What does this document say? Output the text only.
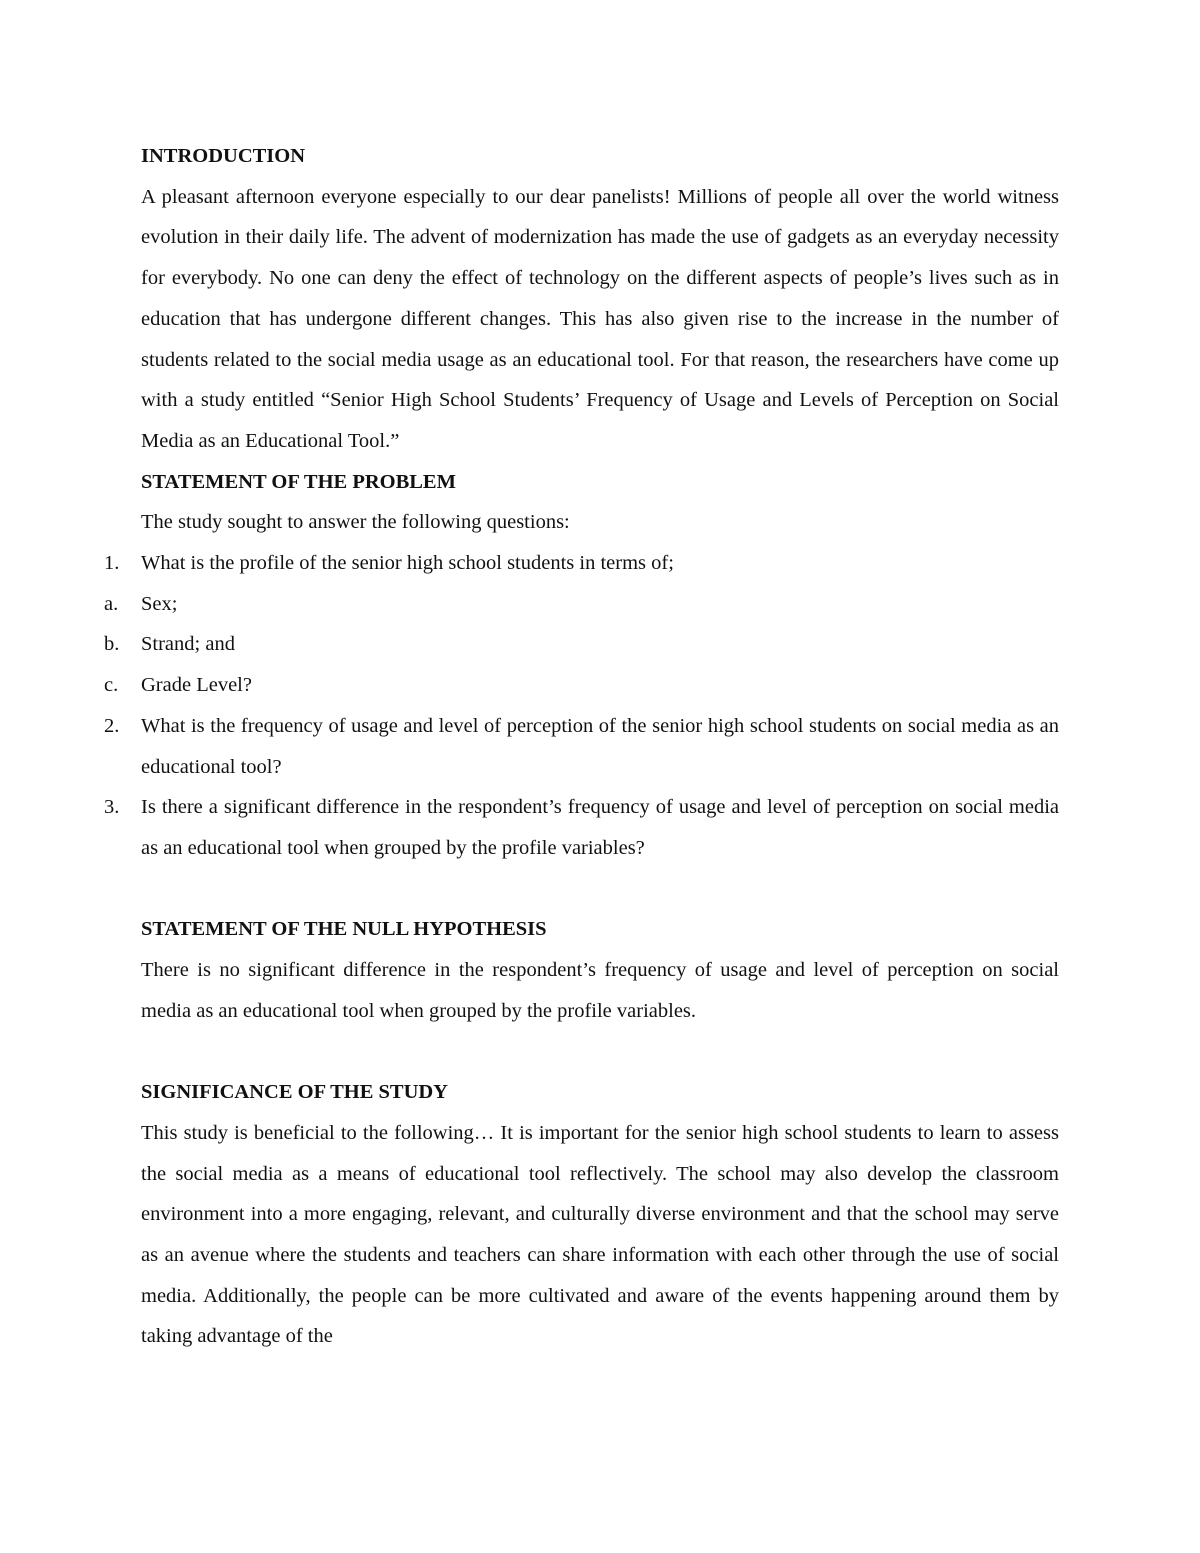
INTRODUCTION

A pleasant afternoon everyone especially to our dear panelists! Millions of people all over the world witness evolution in their daily life. The advent of modernization has made the use of gadgets as an everyday necessity for everybody. No one can deny the effect of technology on the different aspects of people’s lives such as in education that has undergone different changes. This has also given rise to the increase in the number of students related to the social media usage as an educational tool. For that reason, the researchers have come up with a study entitled “Senior High School Students’ Frequency of Usage and Levels of Perception on Social Media as an Educational Tool.”

STATEMENT OF THE PROBLEM

The study sought to answer the following questions:

1.	What is the profile of the senior high school students in terms of;
a.	Sex;
b.	Strand; and
c.	Grade Level?
2.	What is the frequency of usage and level of perception of the senior high school students on social media as an educational tool?
3.	Is there a significant difference in the respondent’s frequency of usage and level of perception on social media as an educational tool when grouped by the profile variables?

STATEMENT OF THE NULL HYPOTHESIS

There is no significant difference in the respondent’s frequency of usage and level of perception on social media as an educational tool when grouped by the profile variables.

SIGNIFICANCE OF THE STUDY

This study is beneficial to the following… It is important for the senior high school students to learn to assess the social media as a means of educational tool reflectively. The school may also develop the classroom environment into a more engaging, relevant, and culturally diverse environment and that the school may serve as an avenue where the students and teachers can share information with each other through the use of social media. Additionally, the people can be more cultivated and aware of the events happening around them by taking advantage of the
